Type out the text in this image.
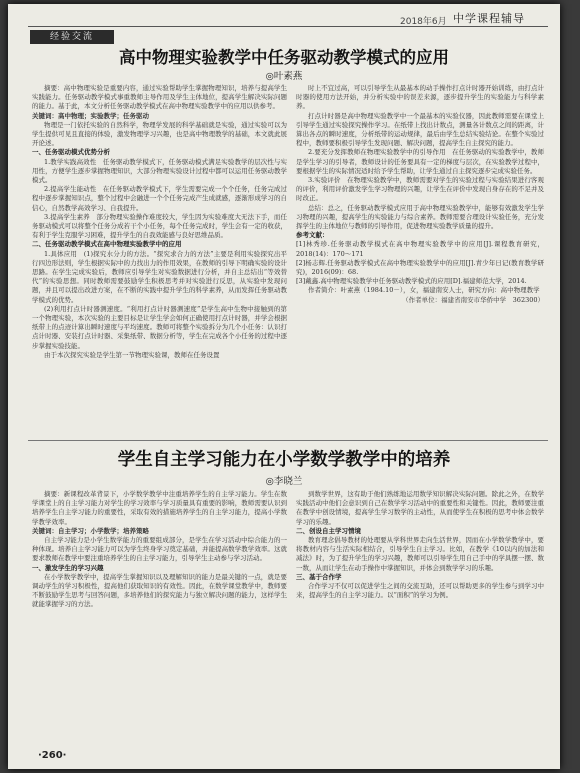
2018年6月 中学课程辅导
经验交流
高中物理实验教学中任务驱动教学模式的应用
◎叶素燕

摘要：高中物理实验是重要内容，通过实验帮助学生掌握物理知识，培养与提高学生实践能力。任务驱动教学模式事重教师主导作用及学生主体地位，提高学生解决实际问题的能力。基于此，本文分析任务驱动教学模式在高中物理实验教学中的应用以供参考。

关键词：高中物理；实验教学；任务驱动

物理是一门依托实验的自然科学，物理学发展的科学基础就是实验，通过实验可以为学生提供可见且直接的体验，激发物理学习兴趣，也是高中物理教学的基础，本文就此展开论述。

一、任务驱动模式优势分析

1.教学实践高效性　任务驱动教学模式下，任务驱动模式满足实验教学的层次性与实用性，方便学生逐步掌握物理知识，大部分物理实验设计过程中都可以运用任务驱动教学模式。

2.提高学生能动性　在任务驱动教学模式下，学生需要完成一个个任务，任务完成过程中逐步掌握知识点，整个过程中会融进一个个任务完成产生成就感，逐渐形成学习的自信心，自然教学高效学习、自我提升。

3.提高学生素养　部分物理实验操作难度较大，学生因为实验难度大无法下手，而任务驱动模式可以将整个任务分成若干个小任务，每个任务完成时，学生会有一定的收获，有利于学生克服学习困难，提升学生的自我效能感与良好思维品质。

二、任务驱动教学模式在高中物理实验教学中的应用

1.具体应用　(1)探究水分力的方法。“探究求合力的方法”主要是利用实验探究出平行四边形法则，学生根据实际中的力找出力的作用效果，在教师的引导下明确实验的设计思路。在学生完成实验后，教师应引导学生对实验数据进行分析，并自主总结出“等效替代”的实验思想。同时教师需要鼓励学生积极思考并对实验进行反思，从实验中发现问题，并且可以提出改进方案，在不断的实践中提升学生的科学素养，从而发挥任务驱动教学模式的优势。

(2)利用打点计时器测速度。“利用打点计时器测速度”是学生高中生物中接触到的第一个物理实验，本次实验的主要目标是让学生学会如何正确使用打点计时器，并学会根据纸带上的点迹计算出瞬时速度与平均速度。教师可将整个实验拆分为几个小任务：认识打点计时器、安装打点计时器、采集纸带、数据分析等，学生在完成各个小任务的过程中逐步掌握实验技能。

由于本次探究实验是学生第一节物理实验课，教师在任务设置

时上不宜过高，可以引导学生从最基本的动手操作打点计时器开始训练，由打点计时器的使用方法开始，并分析实验中的误差来源，逐步提升学生的实验能力与科学素养。

打点计时器是高中物理实验教学中一个最基本的实验仪器，因此教师需要在课堂上引导学生通过实验探究操作学习。在纸带上找出计数点，测量各计数点之间的距离，计算出各点的瞬时速度，分析纸带的运动规律，最后由学生总结实验结论。在整个实验过程中，教师要积极引导学生发现问题、解决问题，提高学生自主探究的能力。

2.要充分发挥教师在物理实验教学中的引导作用　在任务驱动的实验教学中，教师是学生学习的引导者，教师设计的任务要具有一定的梯度与层次，在实验教学过程中，要根据学生的实际情况适时给予学生帮助，让学生通过自主探究逐步完成实验任务。

3.实验评价　在物理实验教学中，教师需要对学生的实验过程与实验结果进行客观的评价，利用评价激发学生学习物理的兴趣，让学生在评价中发现自身存在的不足并及时改正。

总结：总之，任务驱动教学模式应用于高中物理实验教学中，能够有效激发学生学习物理的兴趣，提高学生的实验能力与综合素养。教师需要合理设计实验任务，充分发挥学生的主体地位与教师的引导作用，促进物理实验教学质量的提升。

参考文献：

[1]林秀珍.任务驱动教学模式在高中物理实验教学中的应用[J].课程教育研究，2018(14)：170～171

[2]杨志辉.任务驱动教学模式在高中物理实验教学中的应用[J].青少年日记(教育教学研究)，2016(09)：68.

[3]戴鑫.高中物理实验教学中任务驱动教学模式的应用[D].福建师范大学，2014.

作者简介：叶素燕（1984.10－），女，福建南安人士，研究方向：高中物理教学

（作者单位：福建省南安市华侨中学　362300）

学生自主学习能力在小学数学教学中的培养
◎李晓兰

摘要：新课程改革背景下，小学数学教学中注重培养学生的自主学习能力。学生在数学课堂上的自主学习能力对学生的学习效率与学习质量具有重要的影响，教师需要认识到培养学生自主学习能力的重要性，采取有效的措施培养学生的自主学习能力，提高小学数学教学效率。

关键词：自主学习；小学数学；培养策略

自主学习能力是小学生数学能力的重要组成部分，是学生在学习活动中综合能力的一种体现。培养自主学习能力可以为学生终身学习奠定基础，并能提高数学教学效率。这就要求教师在教学中要注重培养学生的自主学习能力，引导学生主动参与学习活动。

一、激发学生的学习兴趣

在小学数学教学中，提高学生掌握知识以及理解知识的能力是最关键的一点，就是要调动学生的学习积极性，提高他们获取知识的有效性。因此，在数学课堂教学中，教师要不断鼓励学生思考与回答问题，多培养他们的探究能力与独立解决问题的能力，这样学生就能掌握学习的方法。

到数学世界，这有助于他们熟练地运用数学知识解决实际问题。除此之外，在数学实践活动中他们会意识到自己在数学学习活动中的重要性和关键性。因此，教师要注重在教学中创设情境，提高学生学习数学的主动性，从而使学生在积极的思考中体会数学学习的乐趣。

二、创设自主学习情境

教育理念倡导教材的处理要从学科世界走向生活世界，因而在小学数学教学中，要将教材内容与生活实际相结合，引导学生自主学习。比如，在教学《10以内的加法和减法》时，为了提升学生的学习兴趣，教师可以引导学生用自己手中的学具摆一摆、数一数，从而让学生在动手操作中掌握知识，并体会到数学学习的乐趣。

三、基于合作学

合作学习不仅可以促进学生之间的交流互助，还可以帮助更多的学生参与到学习中来，提高学生的自主学习能力。以“面积”的学习为例。

·260·
